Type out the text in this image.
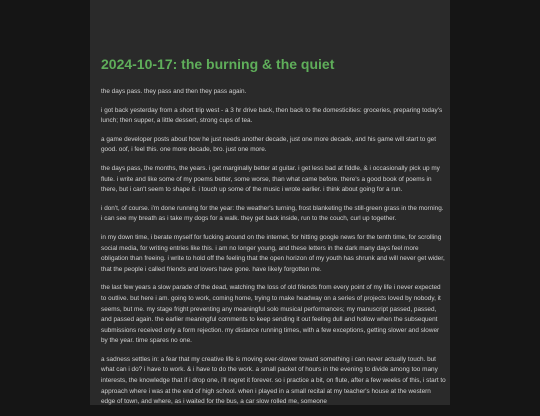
2024-10-17: the burning & the quiet

the days pass. they pass and then they pass again.

i got back yesterday from a short trip west - a 3 hr drive back, then back to the domesticities: groceries, preparing today's lunch; then supper, a little dessert, strong cups of tea.

a game developer posts about how he just needs another decade, just one more decade, and his game will start to get good. oof, i feel this. one more decade, bro. just one more.

the days pass, the months, the years. i get marginally better at guitar. i get less bad at fiddle, & i occasionally pick up my flute. i write and like some of my poems better, some worse, than what came before. there's a good book of poems in there, but i can't seem to shape it. i touch up some of the music i wrote earlier. i think about going for a run.

i don't, of course. i'm done running for the year: the weather's turning, frost blanketing the still-green grass in the morning. i can see my breath as i take my dogs for a walk. they get back inside, run to the couch, curl up together.

in my down time, i berate myself for fucking around on the internet, for hitting google news for the tenth time, for scrolling social media, for writing entries like this. i am no longer young, and these letters in the dark many days feel more obligation than freeing. i write to hold off the feeling that the open horizon of my youth has shrunk and will never get wider, that the people i called friends and lovers have gone. have likely forgotten me.

the last few years a slow parade of the dead, watching the loss of old friends from every point of my life i never expected to outlive. but here i am. going to work, coming home, trying to make headway on a series of projects loved by nobody, it seems, but me. my stage fright preventing any meaningful solo musical performances; my manuscript passed, passed, and passed again. the earlier meaningful comments to keep sending it out feeling dull and hollow when the subsequent submissions received only a form rejection. my distance running times, with a few exceptions, getting slower and slower by the year. time spares no one.

a sadness settles in: a fear that my creative life is moving ever-slower toward something i can never actually touch. but what can i do? i have to work. & i have to do the work. a small packet of hours in the evening to divide among too many interests, the knowledge that if i drop one, i'll regret it forever. so i practice a bit, on flute, after a few weeks of this, i start to approach where i was at the end of high school. when i played in a small recital at my teacher's house at the western edge of town, and where, as i waited for the bus, a car slow rolled me, someone
